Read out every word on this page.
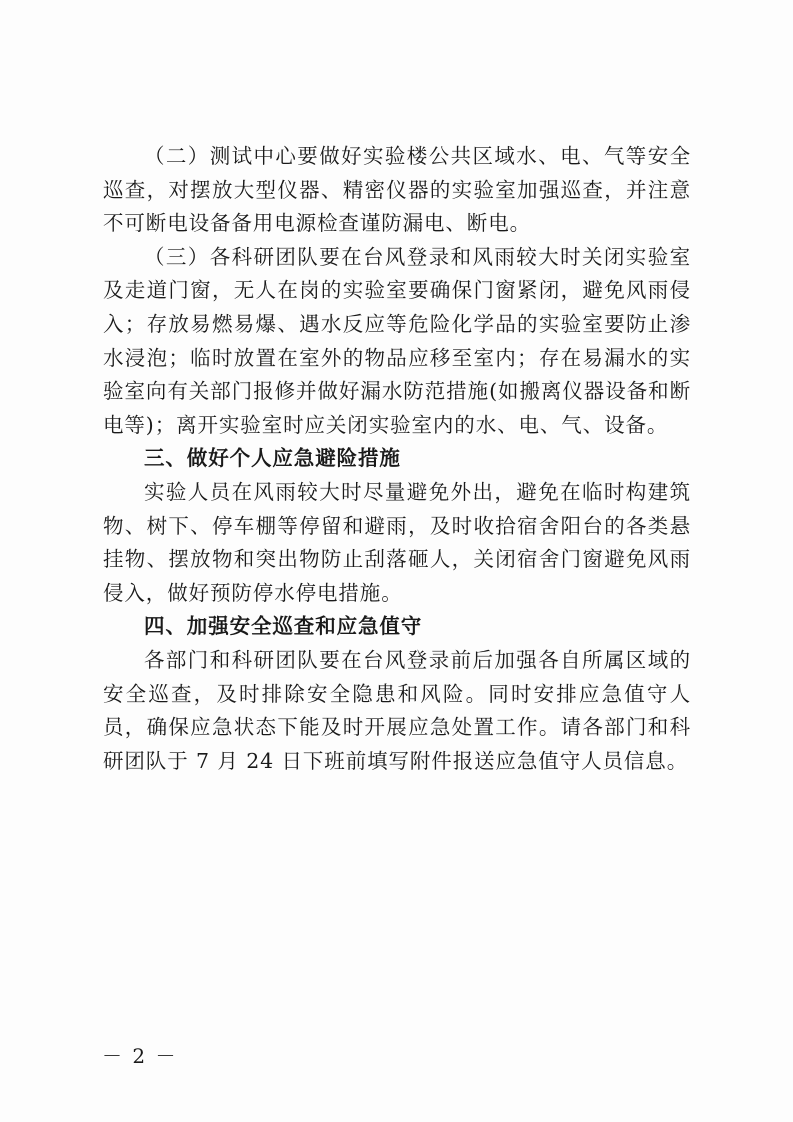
（二）测试中心要做好实验楼公共区域水、电、气等安全巡查，对摆放大型仪器、精密仪器的实验室加强巡查，并注意不可断电设备备用电源检查谨防漏电、断电。

（三）各科研团队要在台风登录和风雨较大时关闭实验室及走道门窗，无人在岗的实验室要确保门窗紧闭，避免风雨侵入；存放易燃易爆、遇水反应等危险化学品的实验室要防止渗水浸泡；临时放置在室外的物品应移至室内；存在易漏水的实验室向有关部门报修并做好漏水防范措施(如搬离仪器设备和断电等)；离开实验室时应关闭实验室内的水、电、气、设备。

三、做好个人应急避险措施

实验人员在风雨较大时尽量避免外出，避免在临时构建筑物、树下、停车棚等停留和避雨，及时收拾宿舍阳台的各类悬挂物、摆放物和突出物防止刮落砸人，关闭宿舍门窗避免风雨侵入，做好预防停水停电措施。

四、加强安全巡查和应急值守

各部门和科研团队要在台风登录前后加强各自所属区域的安全巡查，及时排除安全隐患和风险。同时安排应急值守人员，确保应急状态下能及时开展应急处置工作。请各部门和科研团队于 7 月 24 日下班前填写附件报送应急值守人员信息。

－ 2 －
